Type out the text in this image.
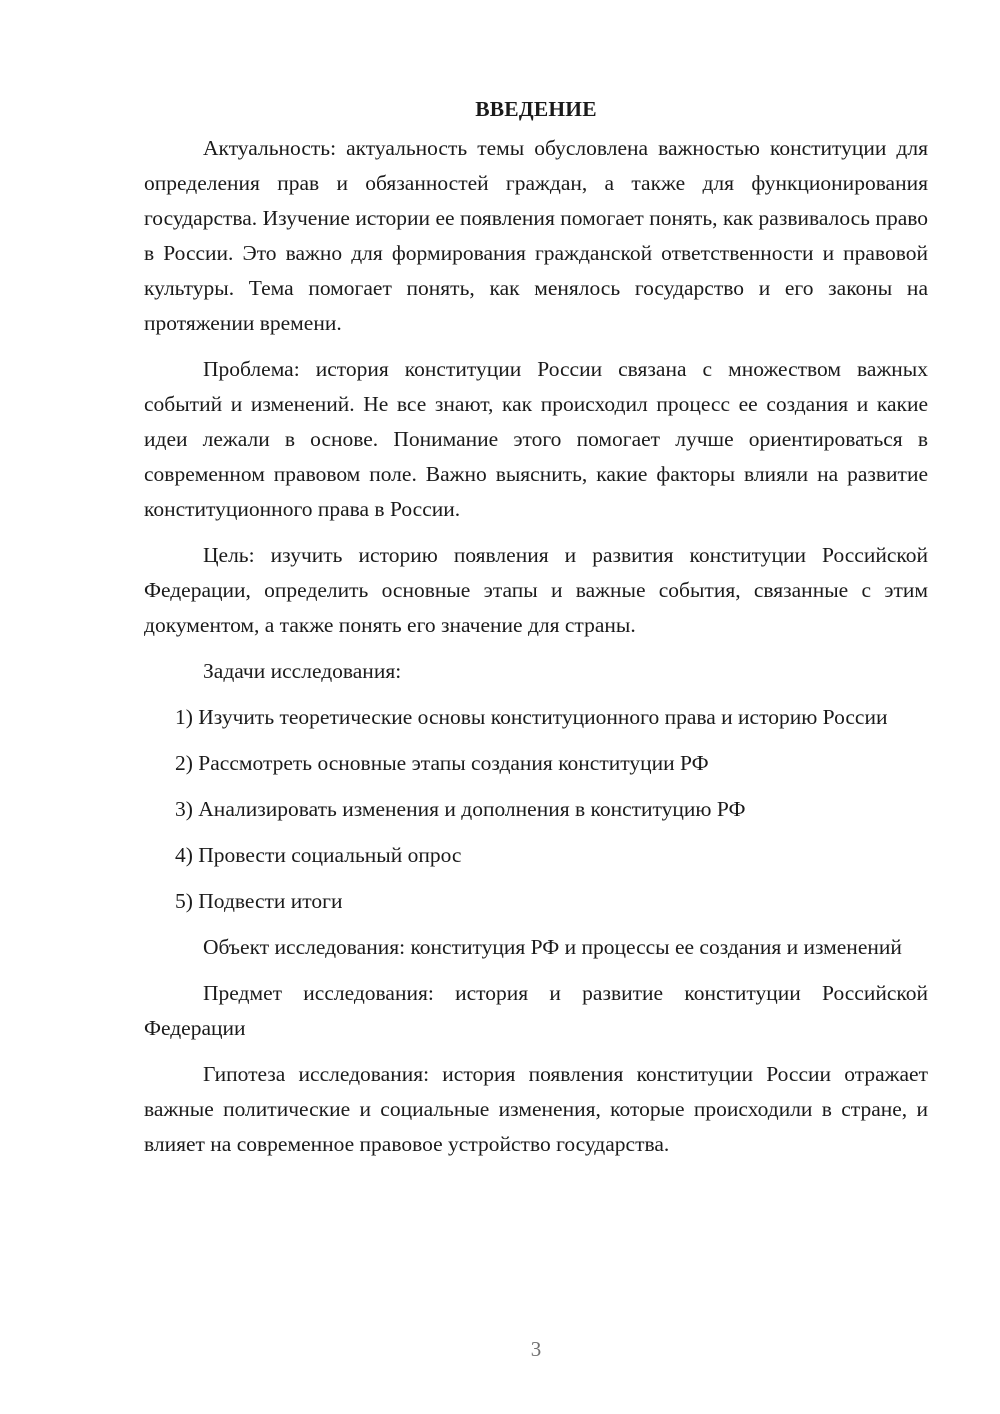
ВВЕДЕНИЕ

Актуальность: актуальность темы обусловлена важностью конституции для определения прав и обязанностей граждан, а также для функционирования государства. Изучение истории ее появления помогает понять, как развивалось право в России. Это важно для формирования гражданской ответственности и правовой культуры. Тема помогает понять, как менялось государство и его законы на протяжении времени.

Проблема: история конституции России связана с множеством важных событий и изменений. Не все знают, как происходил процесс ее создания и какие идеи лежали в основе. Понимание этого помогает лучше ориентироваться в современном правовом поле. Важно выяснить, какие факторы влияли на развитие конституционного права в России.

Цель: изучить историю появления и развития конституции Российской Федерации, определить основные этапы и важные события, связанные с этим документом, а также понять его значение для страны.

Задачи исследования:

1) Изучить теоретические основы конституционного права и историю России

2) Рассмотреть основные этапы создания конституции РФ

3) Анализировать изменения и дополнения в конституцию РФ

4) Провести социальный опрос

5) Подвести итоги

Объект исследования: конституция РФ и процессы ее создания и изменений

Предмет исследования: история и развитие конституции Российской Федерации

Гипотеза исследования: история появления конституции России отражает важные политические и социальные изменения, которые происходили в стране, и влияет на современное правовое устройство государства.

3
